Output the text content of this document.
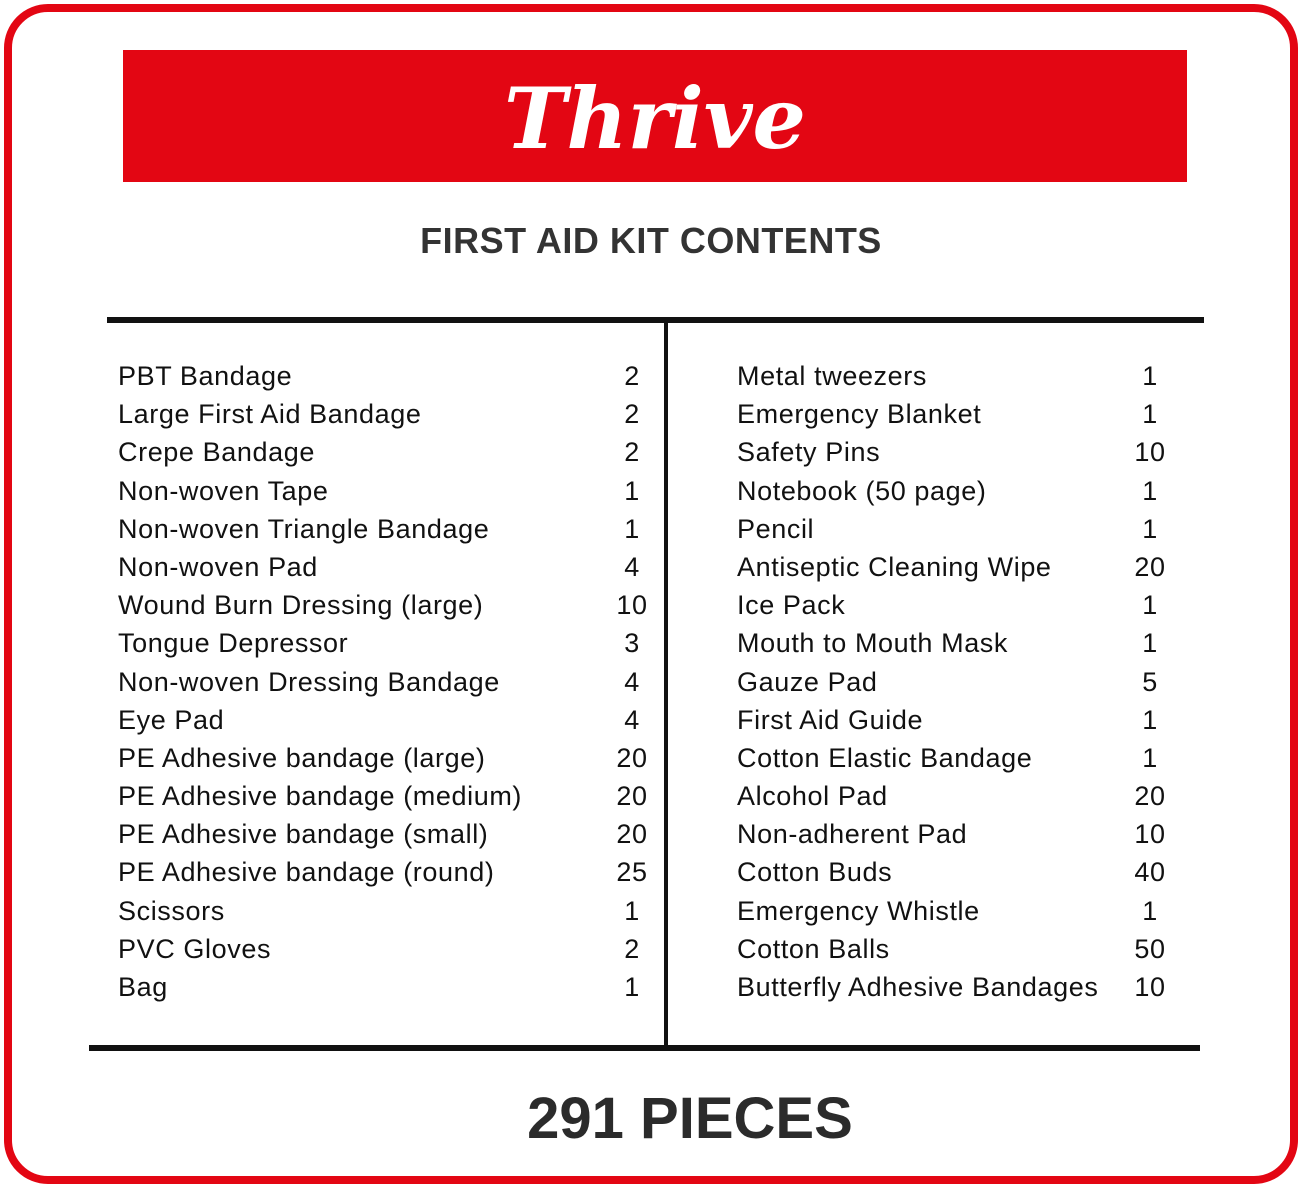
Thrive
FIRST AID KIT CONTENTS
PBT Bandage	2
Large First Aid Bandage	2
Crepe Bandage	2
Non-woven Tape	1
Non-woven Triangle Bandage	1
Non-woven Pad	4
Wound Burn Dressing (large)	10
Tongue Depressor	3
Non-woven Dressing Bandage	4
Eye Pad	4
PE Adhesive bandage (large)	20
PE Adhesive bandage (medium)	20
PE Adhesive bandage (small)	20
PE Adhesive bandage (round)	25
Scissors	1
PVC Gloves	2
Bag	1
Metal tweezers	1
Emergency Blanket	1
Safety Pins	10
Notebook (50 page)	1
Pencil	1
Antiseptic Cleaning Wipe	20
Ice Pack	1
Mouth to Mouth Mask	1
Gauze Pad	5
First Aid Guide	1
Cotton Elastic Bandage	1
Alcohol Pad	20
Non-adherent Pad	10
Cotton Buds	40
Emergency Whistle	1
Cotton Balls	50
Butterfly Adhesive Bandages	10

291 PIECES
